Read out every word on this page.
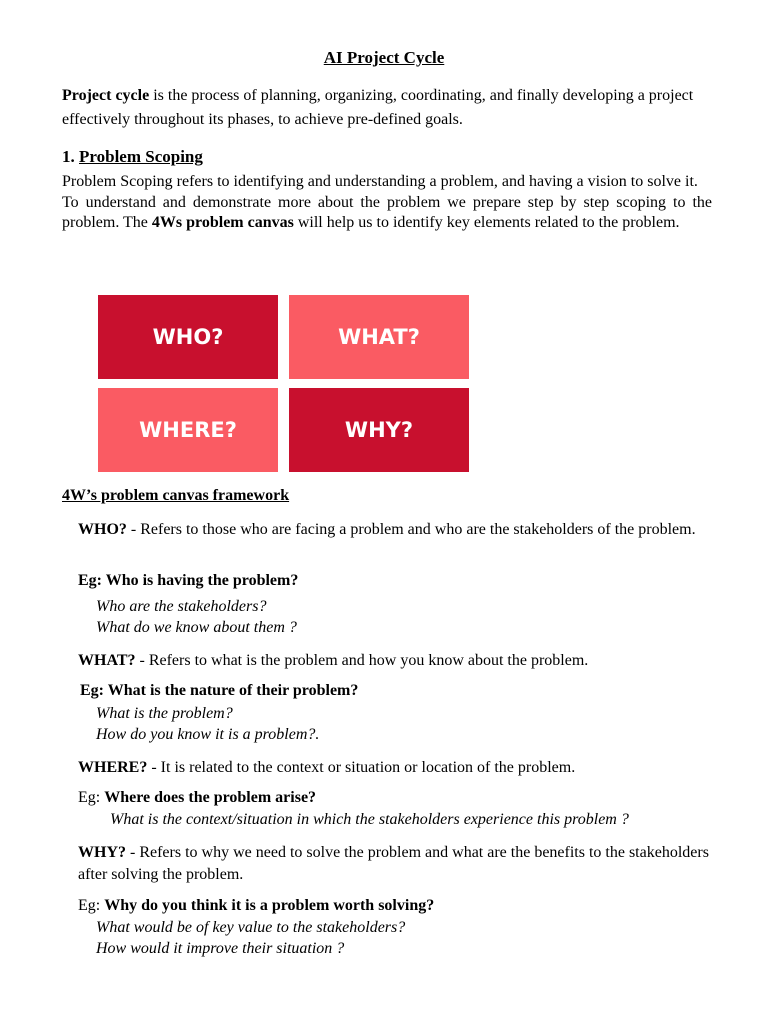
AI Project Cycle
Project cycle is the process of planning, organizing, coordinating, and finally developing a project effectively throughout its phases, to achieve pre-defined goals.
1. Problem Scoping
Problem Scoping refers to identifying and understanding a problem, and having a vision to solve it.
To understand and demonstrate more about the problem we prepare step by step scoping to the problem. The 4Ws problem canvas will help us to identify key elements related to the problem.
WHO?	WHAT?
WHERE?	WHY?
4W’s problem canvas framework
WHO? - Refers to those who are facing a problem and who are the stakeholders of the problem.
Eg: Who is having the problem?
Who are the stakeholders?
What do we know about them ?
WHAT? - Refers to what is the problem and how you know about the problem.
Eg: What is the nature of their problem?
What is the problem?
How do you know it is a problem?.
WHERE? - It is related to the context or situation or location of the problem.
Eg: Where does the problem arise?
What is the context/situation in which the stakeholders experience this problem ?
WHY? - Refers to why we need to solve the problem and what are the benefits to the stakeholders after solving the problem.
Eg: Why do you think it is a problem worth solving?
What would be of key value to the stakeholders?
How would it improve their situation ?
